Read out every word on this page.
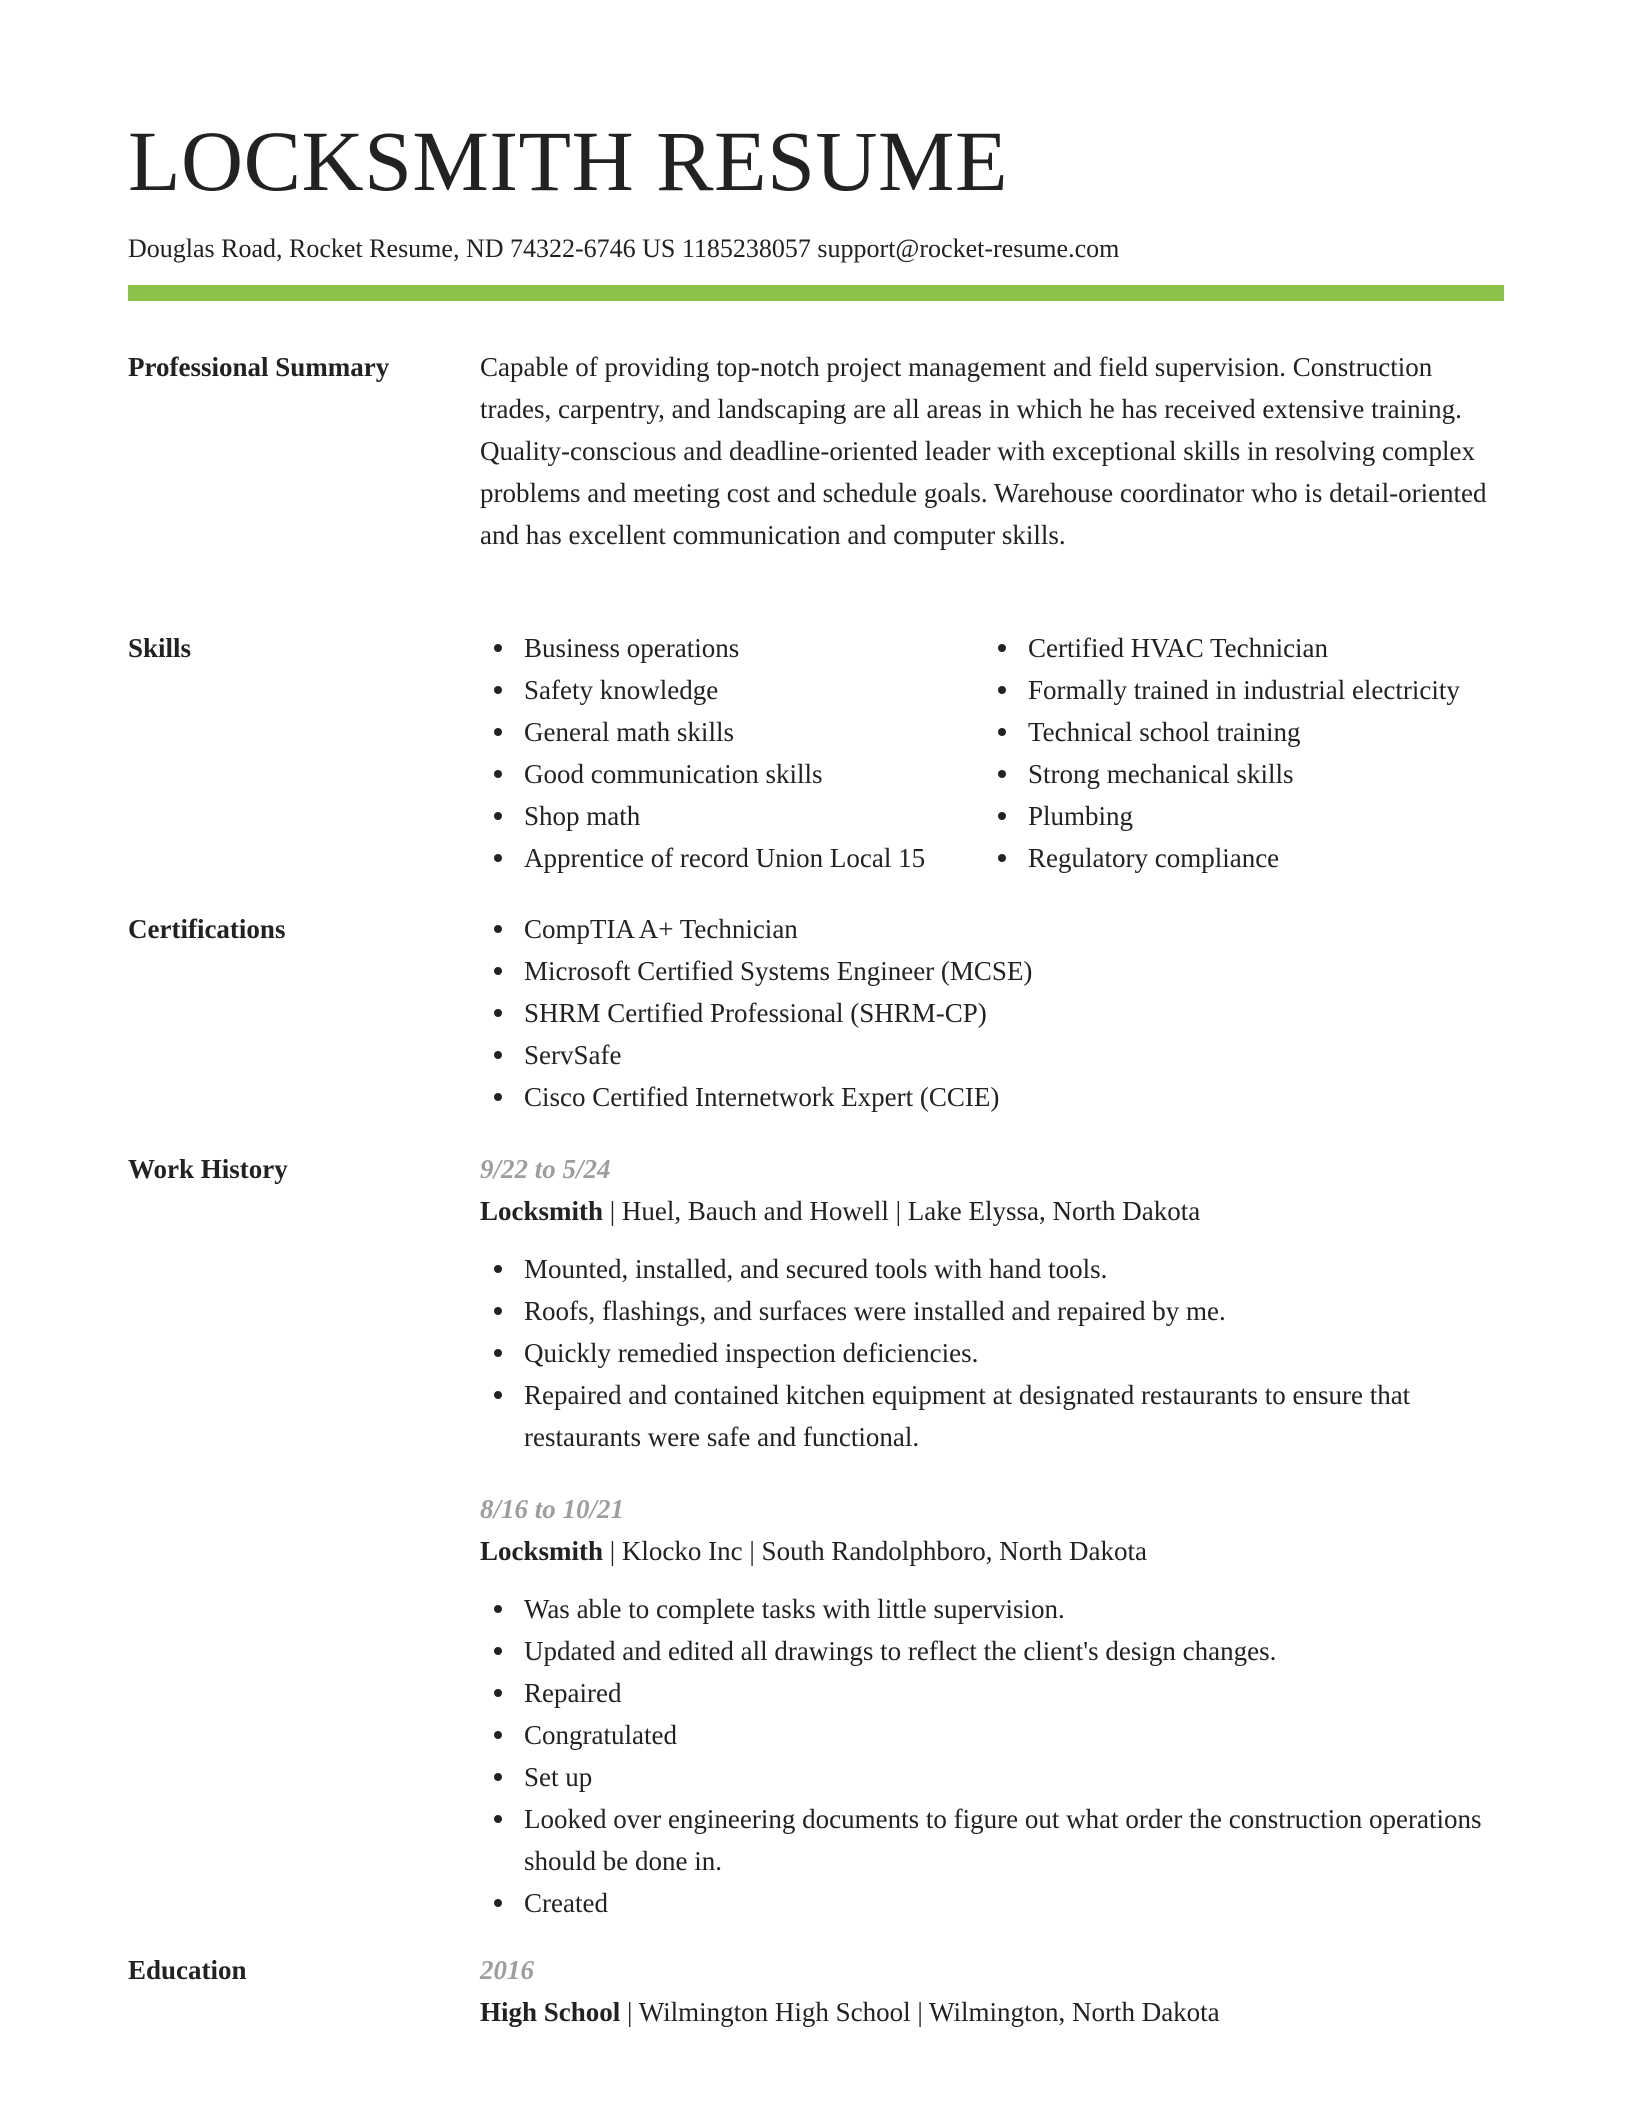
LOCKSMITH RESUME
Douglas Road, Rocket Resume, ND 74322-6746 US 1185238057 support@rocket-resume.com
Professional Summary	Capable of providing top-notch project management and field supervision. Construction trades, carpentry, and landscaping are all areas in which he has received extensive training. Quality-conscious and deadline-oriented leader with exceptional skills in resolving complex problems and meeting cost and schedule goals. Warehouse coordinator who is detail-oriented and has excellent communication and computer skills.

Skills	Business operations
Safety knowledge
General math skills
Good communication skills
Shop math
Apprentice of record Union Local 15
Certified HVAC Technician
Formally trained in industrial electricity
Technical school training
Strong mechanical skills
Plumbing
Regulatory compliance
Certifications	CompTIA A+ Technician
Microsoft Certified Systems Engineer (MCSE)
SHRM Certified Professional (SHRM-CP)
ServSafe
Cisco Certified Internetwork Expert (CCIE)
Work History	9/22 to 5/24

Locksmith | Huel, Bauch and Howell | Lake Elyssa, North Dakota

Mounted, installed, and secured tools with hand tools.
Roofs, flashings, and surfaces were installed and repaired by me.
Quickly remedied inspection deficiencies.
Repaired and contained kitchen equipment at designated restaurants to ensure that restaurants were safe and functional.

8/16 to 10/21

Locksmith | Klocko Inc | South Randolphboro, North Dakota

Was able to complete tasks with little supervision.
Updated and edited all drawings to reflect the client's design changes.
Repaired
Congratulated
Set up
Looked over engineering documents to figure out what order the construction operations should be done in.
Created
Education	2016

High School | Wilmington High School | Wilmington, North Dakota
